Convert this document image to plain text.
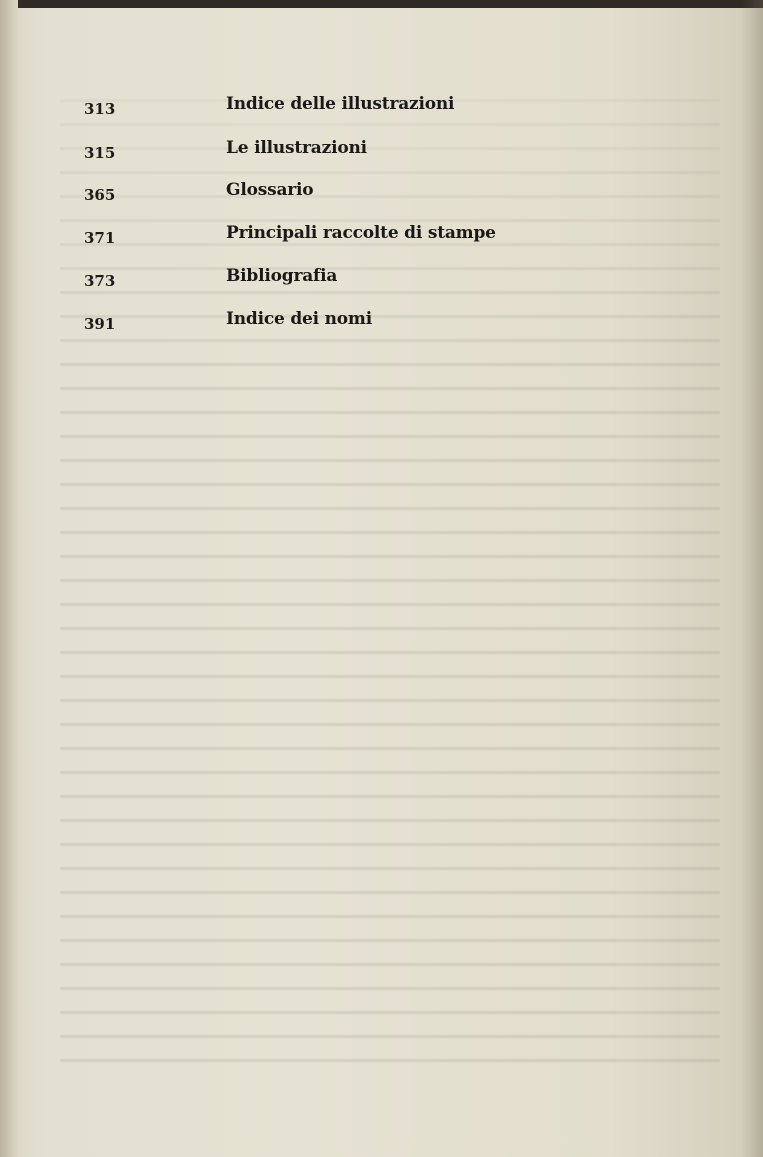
313	Indice delle illustrazioni
315	Le illustrazioni
365	Glossario
371	Principali raccolte di stampe
373	Bibliografia
391	Indice dei nomi
